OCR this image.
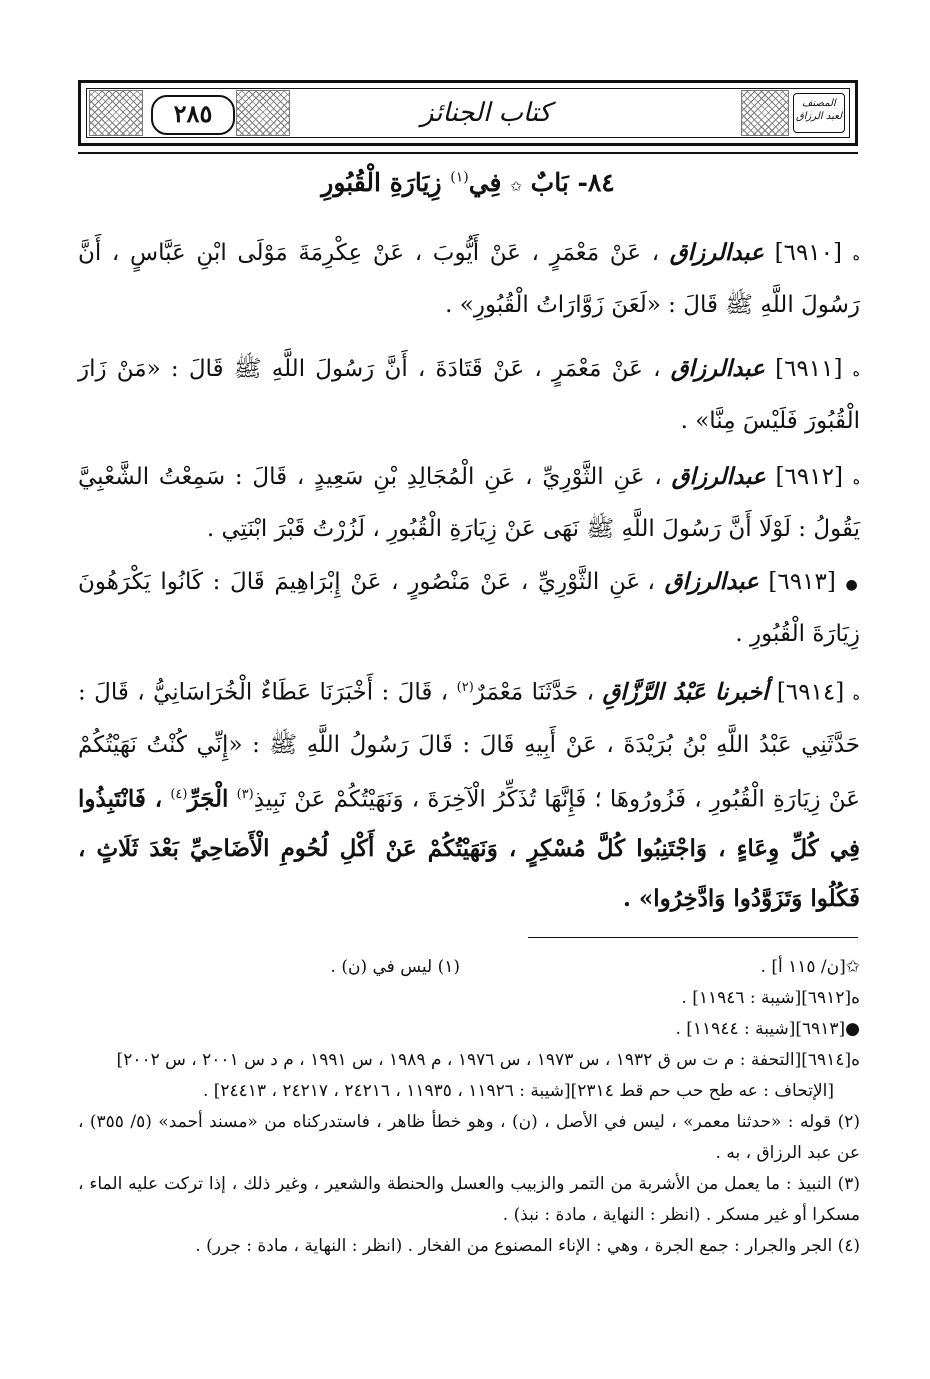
٢٨٥	كتاب الجنائز	المصنف لعبد الرزاق
٨٤- بَابٌ ✩ فِي$^{(١)}$ زِيَارَةِ الْقُبُورِ
ه [٦٩١٠] عبدالرزاق ، عَنْ مَعْمَرٍ ، عَنْ أَيُّوبَ ، عَنْ عِكْرِمَةَ مَوْلَى ابْنِ عَبَّاسٍ ، أَنَّ رَسُولَ اللَّهِ ﷺ قَالَ : «لَعَنَ زَوَّارَاتُ الْقُبُورِ» .
ه [٦٩١١] عبدالرزاق ، عَنْ مَعْمَرٍ ، عَنْ قَتَادَةَ ، أَنَّ رَسُولَ اللَّهِ ﷺ قَالَ : «مَنْ زَارَ الْقُبُورَ فَلَيْسَ مِنَّا» .
ه [٦٩١٢] عبدالرزاق ، عَنِ الثَّوْرِيِّ ، عَنِ الْمُجَالِدِ بْنِ سَعِيدٍ ، قَالَ : سَمِعْتُ الشَّعْبِيَّ يَقُولُ : لَوْلَا أَنَّ رَسُولَ اللَّهِ ﷺ نَهَى عَنْ زِيَارَةِ الْقُبُورِ ، لَزُرْتُ قَبْرَ ابْنَتِي .
● [٦٩١٣] عبدالرزاق ، عَنِ الثَّوْرِيِّ ، عَنْ مَنْصُورٍ ، عَنْ إِبْرَاهِيمَ قَالَ : كَانُوا يَكْرَهُونَ زِيَارَةَ الْقُبُورِ .
ه [٦٩١٤] أخبرنا عَبْدُ الرَّزَّاقِ ، حَدَّثَنَا مَعْمَرٌ$^{(٢)}$ ، قَالَ : أَخْبَرَنَا عَطَاءٌ الْخُرَاسَانِيُّ ، قَالَ : حَدَّثَنِي عَبْدُ اللَّهِ بْنُ بُرَيْدَةَ ، عَنْ أَبِيهِ قَالَ : قَالَ رَسُولُ اللَّهِ ﷺ : «إِنِّي كُنْتُ نَهَيْتُكُمْ عَنْ زِيَارَةِ الْقُبُورِ ، فَزُورُوهَا ؛ فَإِنَّهَا تُذَكِّرُ الْآخِرَةَ ، وَنَهَيْتُكُمْ عَنْ نَبِيذِ$^{(٣)}$ الْجَرِّ$^{(٤)}$ ، فَانْتَبِذُوا فِي كُلِّ وِعَاءٍ ، وَاجْتَنِبُوا كُلَّ مُسْكِرٍ ، وَنَهَيْتُكُمْ عَنْ أَكْلِ لُحُومِ الْأَضَاحِيِّ بَعْدَ ثَلَاثٍ ، فَكُلُوا وَتَزَوَّدُوا وَادَّخِرُوا» .
✩[ن/ ١١٥ أ] .
(١) ليس في (ن) .
ه[٦٩١٢][شيبة : ١١٩٤٦] .
●[٦٩١٣][شيبة : ١١٩٤٤] .
ه[٦٩١٤][التحفة : م ت س ق ١٩٣٢ ، س ١٩٧٣ ، س ١٩٧٦ ، م ١٩٨٩ ، س ١٩٩١ ، م د س ٢٠٠١ ، س ٢٠٠٢]
[الإتحاف : عه طح حب حم قط ٢٣١٤][شيبة : ١١٩٢٦ ، ١١٩٣٥ ، ٢٤٢١٦ ، ٢٤٢١٧ ، ٢٤٤١٣] .
(٢) قوله : «حدثنا معمر» ، ليس في الأصل ، (ن) ، وهو خطأ ظاهر ، فاستدركناه من «مسند أحمد» (٥/ ٣٥٥) ، عن عبد الرزاق ، به .
(٣) النبيذ : ما يعمل من الأشربة من التمر والزبيب والعسل والحنطة والشعير ، وغير ذلك ، إذا تركت عليه الماء ، مسكرا أو غير مسكر . (انظر : النهاية ، مادة : نبذ) .
(٤) الجر والجرار : جمع الجرة ، وهي : الإناء المصنوع من الفخار . (انظر : النهاية ، مادة : جرر) .
